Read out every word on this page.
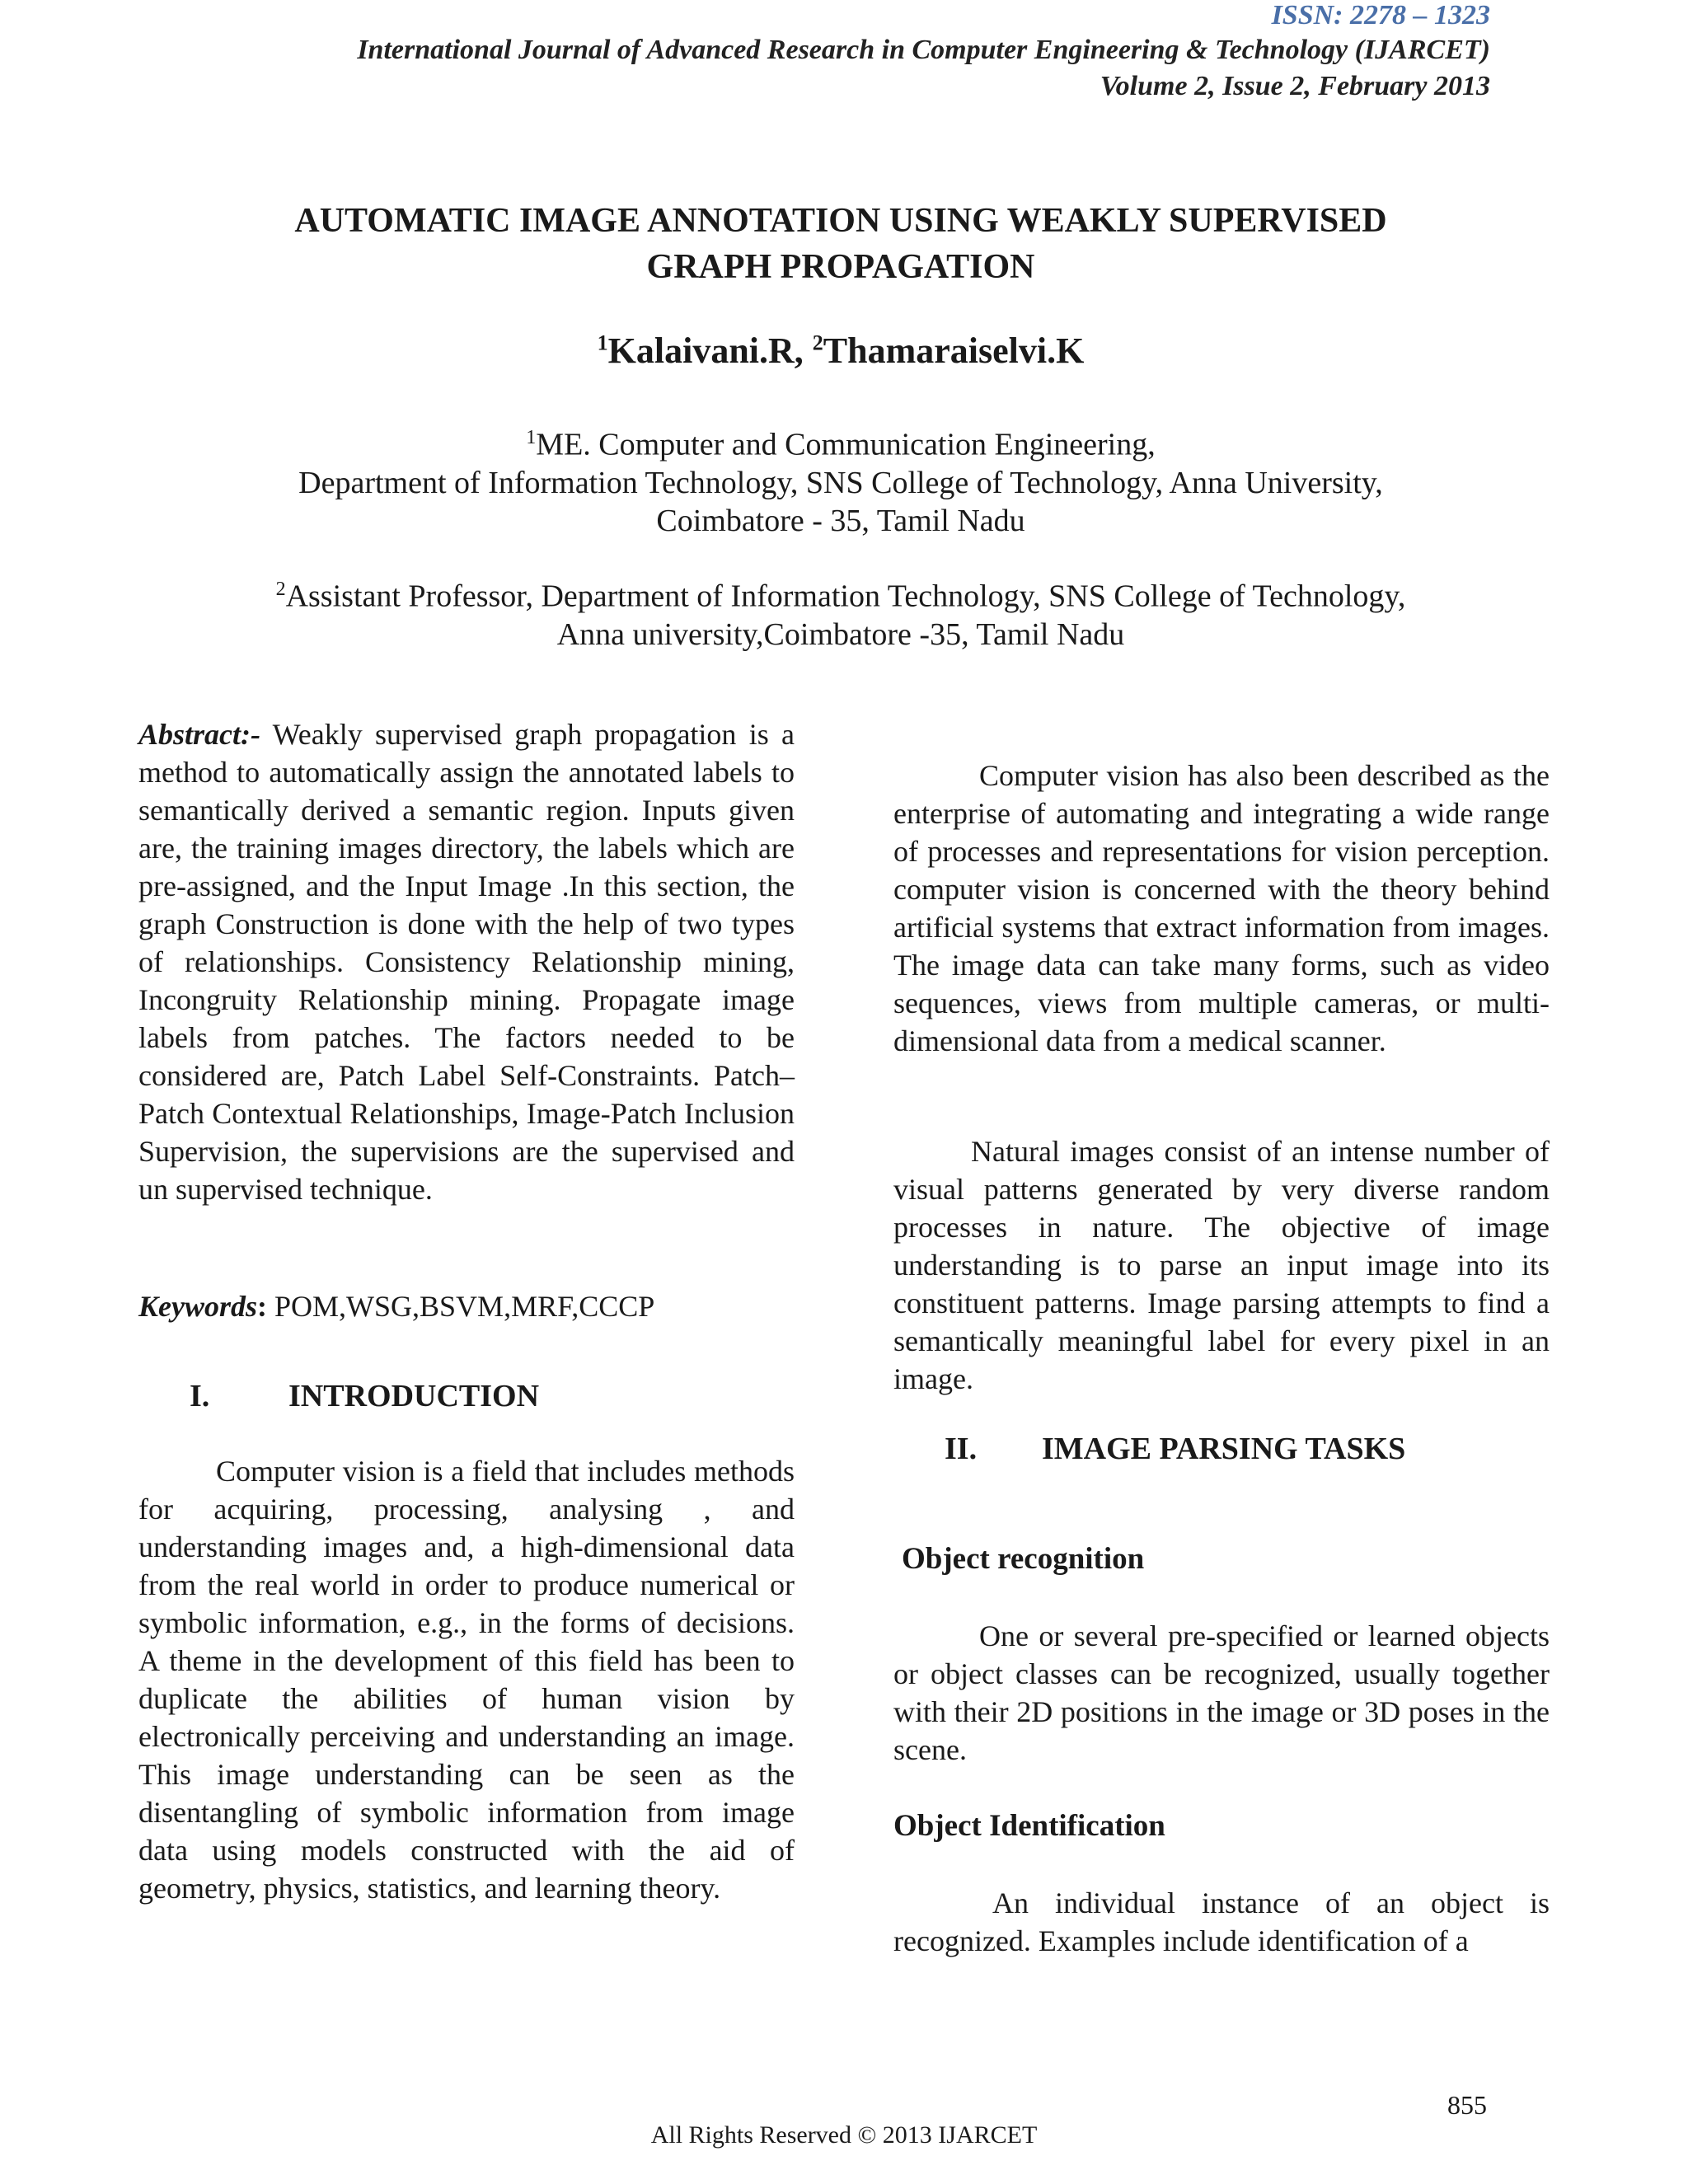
ISSN: 2278 – 1323
International Journal of Advanced Research in Computer Engineering & Technology (IJARCET)
Volume 2, Issue 2, February 2013
AUTOMATIC IMAGE ANNOTATION USING WEAKLY SUPERVISED
GRAPH PROPAGATION
$^1$Kalaivani.R, $^2$Thamaraiselvi.K
$^1$ME. Computer and Communication Engineering,
Department of Information Technology, SNS College of Technology, Anna University,
Coimbatore - 35, Tamil Nadu
$^2$Assistant Professor, Department of Information Technology, SNS College of Technology,
Anna university,Coimbatore -35, Tamil Nadu

Abstract:- Weakly supervised graph propagation is a method to automatically assign the annotated labels to semantically derived a semantic region. Inputs given are, the training images directory, the labels which are pre-assigned, and the Input Image .In this section, the graph Construction is done with the help of two types of relationships. Consistency Relationship mining, Incongruity Relationship mining. Propagate image labels from patches. The factors needed to be considered are, Patch Label Self-Constraints. Patch–Patch Contextual Relationships, Image-Patch Inclusion Supervision, the supervisions are the supervised and un supervised technique.

Keywords: POM,WSG,BSVM,MRF,CCCP

I.	INTRODUCTION

Computer vision is a field that includes methods for acquiring, processing, analysing , and understanding images and, a high-dimensional data from the real world in order to produce numerical or symbolic information, e.g., in the forms of decisions. A theme in the development of this field has been to duplicate the abilities of human vision by electronically perceiving and understanding an image. This image understanding can be seen as the disentangling of symbolic information from image data using models constructed with the aid of geometry, physics, statistics, and learning theory.

Computer vision has also been described as the enterprise of automating and integrating a wide range of processes and representations for vision perception. computer vision is concerned with the theory behind artificial systems that extract information from images. The image data can take many forms, such as video sequences, views from multiple cameras, or multi-dimensional data from a medical scanner.

Natural images consist of an intense number of visual patterns generated by very diverse random processes in nature. The objective of image understanding is to parse an input image into its constituent patterns. Image parsing attempts to find a semantically meaningful label for every pixel in an image.

II. IMAGE PARSING TASKS
Object recognition

One or several pre-specified or learned objects or object classes can be recognized, usually together with their 2D positions in the image or 3D poses in the scene.

Object Identification

An individual instance of an object is recognized. Examples include identification of a

855
All Rights Reserved © 2013 IJARCET
